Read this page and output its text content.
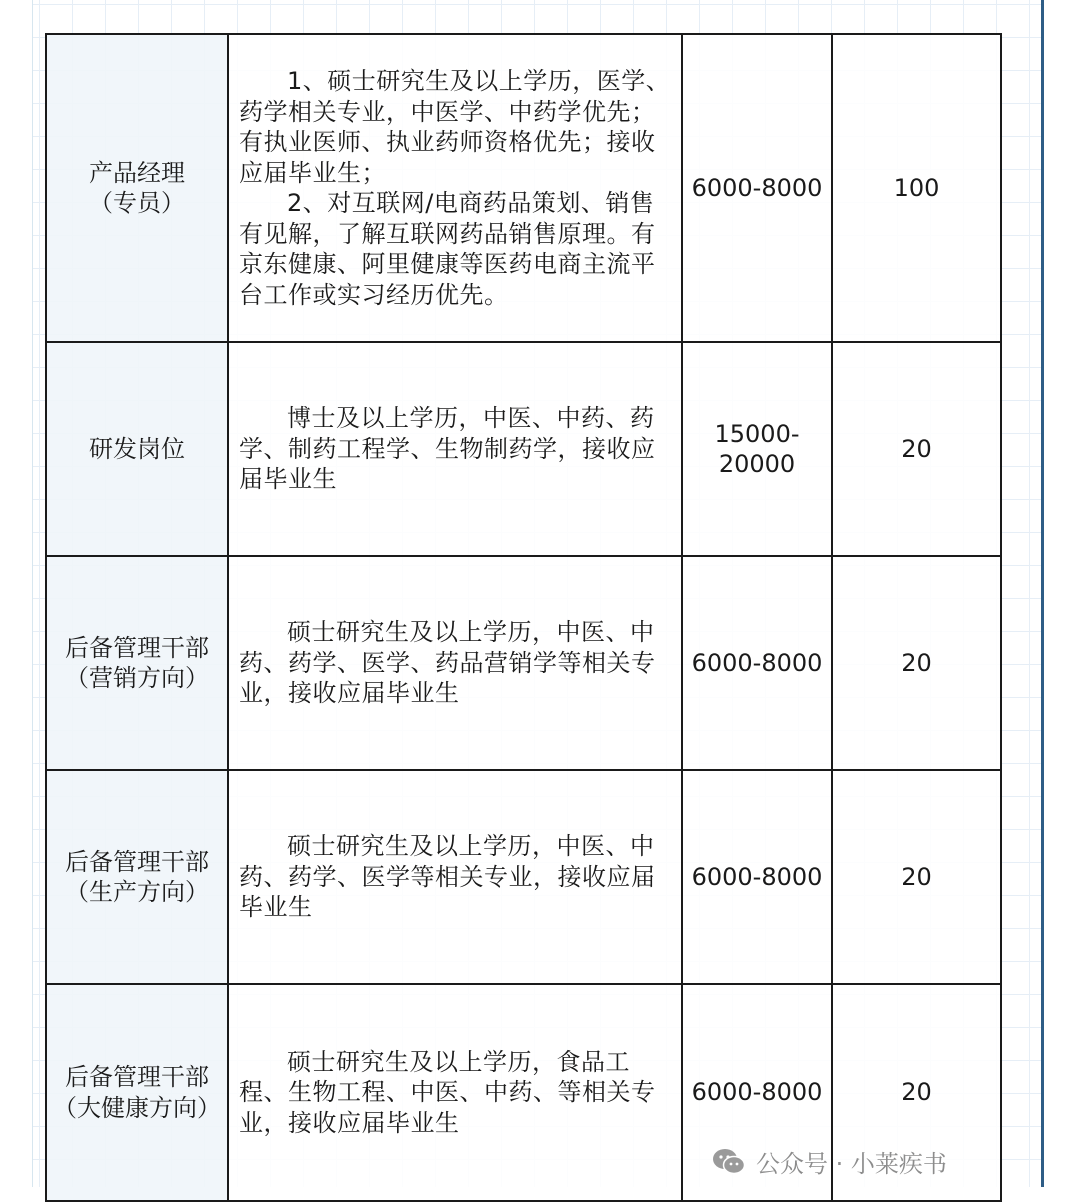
产品经理
（专员）	1、硕士研究生及以上学历，医学、药学相关专业，中医学、中药学优先；有执业医师、执业药师资格优先；接收应届毕业生；
2、对互联网/电商药品策划、销售有见解，了解互联网药品销售原理。有京东健康、阿里健康等医药电商主流平台工作或实习经历优先。	6000-8000	100

研发岗位	博士及以上学历，中医、中药、药学、制药工程学、生物制药学，接收应届毕业生	15000-20000	20

后备管理干部
（营销方向）	硕士研究生及以上学历，中医、中药、药学、医学、药品营销学等相关专业，接收应届毕业生	6000-8000	20

后备管理干部
（生产方向）	硕士研究生及以上学历，中医、中药、药学、医学等相关专业，接收应届毕业生	6000-8000	20

后备管理干部
（大健康方向）	硕士研究生及以上学历，食品工程、生物工程、中医、中药、等相关专业，接收应届毕业生	6000-8000	20
公众号 · 小莱疾书
